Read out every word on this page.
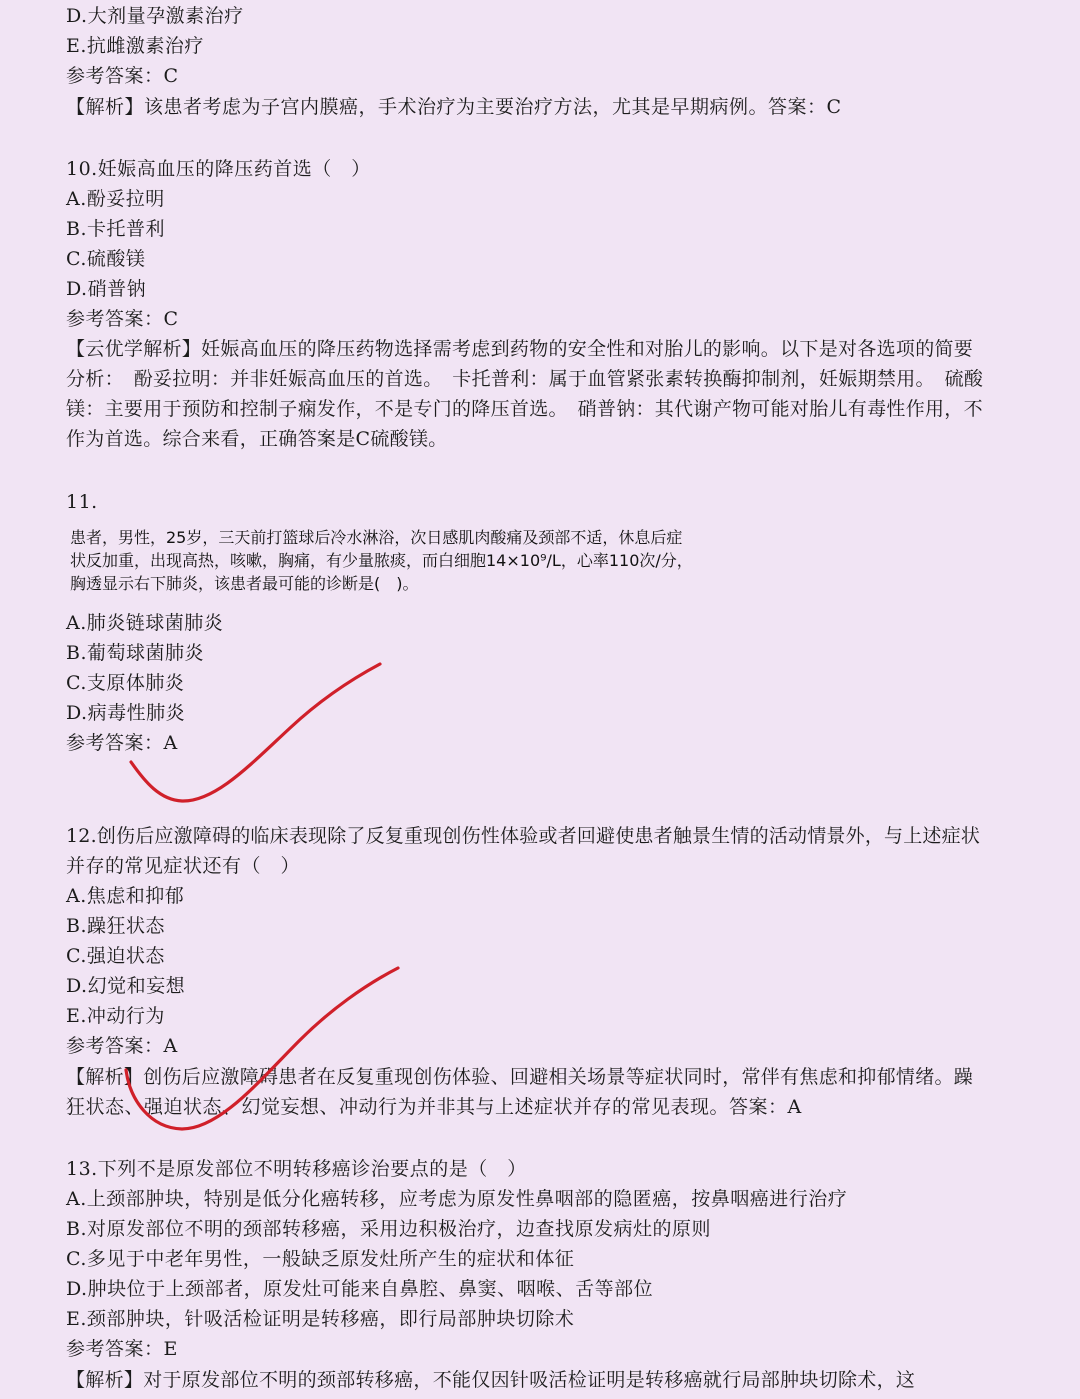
D.大剂量孕激素治疗
E.抗雌激素治疗
参考答案：C
【解析】该患者考虑为子宫内膜癌，手术治疗为主要治疗方法，尤其是早期病例。答案：C
10.妊娠高血压的降压药首选（　）
A.酚妥拉明
B.卡托普利
C.硫酸镁
D.硝普钠
参考答案：C
【云优学解析】妊娠高血压的降压药物选择需考虑到药物的安全性和对胎儿的影响。以下是对各选项的简要
分析：　酚妥拉明：并非妊娠高血压的首选。　卡托普利：属于血管紧张素转换酶抑制剂，妊娠期禁用。　硫酸
镁：主要用于预防和控制子痫发作，不是专门的降压首选。　硝普钠：其代谢产物可能对胎儿有毒性作用，不
作为首选。综合来看，正确答案是C硫酸镁。
11.
患者，男性，25岁，三天前打篮球后冷水淋浴，次日感肌肉酸痛及颈部不适，休息后症
状反加重，出现高热，咳嗽，胸痛，有少量脓痰，而白细胞14×10⁹/L，心率110次/分，
胸透显示右下肺炎，该患者最可能的诊断是(　)。
A.肺炎链球菌肺炎
B.葡萄球菌肺炎
C.支原体肺炎
D.病毒性肺炎
参考答案：A
12.创伤后应激障碍的临床表现除了反复重现创伤性体验或者回避使患者触景生情的活动情景外，与上述症状
并存的常见症状还有（　）
A.焦虑和抑郁
B.躁狂状态
C.强迫状态
D.幻觉和妄想
E.冲动行为
参考答案：A
【解析】创伤后应激障碍患者在反复重现创伤体验、回避相关场景等症状同时，常伴有焦虑和抑郁情绪。躁
狂状态、强迫状态、幻觉妄想、冲动行为并非其与上述症状并存的常见表现。答案：A
13.下列不是原发部位不明转移癌诊治要点的是（　）
A.上颈部肿块，特别是低分化癌转移，应考虑为原发性鼻咽部的隐匿癌，按鼻咽癌进行治疗
B.对原发部位不明的颈部转移癌，采用边积极治疗，边查找原发病灶的原则
C.多见于中老年男性，一般缺乏原发灶所产生的症状和体征
D.肿块位于上颈部者，原发灶可能来自鼻腔、鼻窦、咽喉、舌等部位
E.颈部肿块，针吸活检证明是转移癌，即行局部肿块切除术
参考答案：E
【解析】对于原发部位不明的颈部转移癌，不能仅因针吸活检证明是转移癌就行局部肿块切除术，这
